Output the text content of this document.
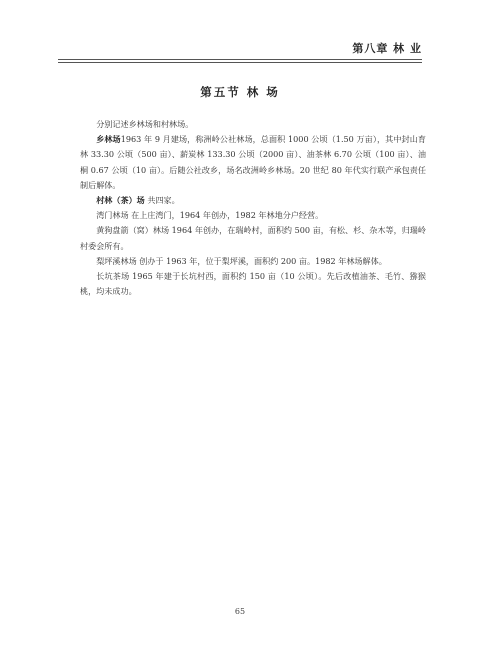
第八章 林 业
第五节 林 场

分别记述乡林场和村林场。

乡林场1963 年 9 月建场，称洲岭公社林场，总面积 1000 公顷（1.50 万亩），其中封山育林 33.30 公顷（500 亩）、薪炭林 133.30 公顷（2000 亩）、油茶林 6.70 公顷（100 亩）、油桐 0.67 公顷（10 亩）。后随公社改乡，场名改洲岭乡林场。20 世纪 80 年代实行联产承包责任制后解体。

村林（茶）场 共四家。

湾门林场 在上庄湾门，1964 年创办，1982 年林地分户经营。

黄狗盘箭（窝）林场 1964 年创办，在瑞岭村，面积约 500 亩，有松、杉、杂木等，归瑞岭村委会所有。

梨坪溪林场 创办于 1963 年，位于梨坪溪，面积约 200 亩。1982 年林场解体。

长坑茶场 1965 年建于长坑村西，面积约 150 亩（10 公顷）。先后改植油茶、毛竹、猕猴桃，均未成功。

65
